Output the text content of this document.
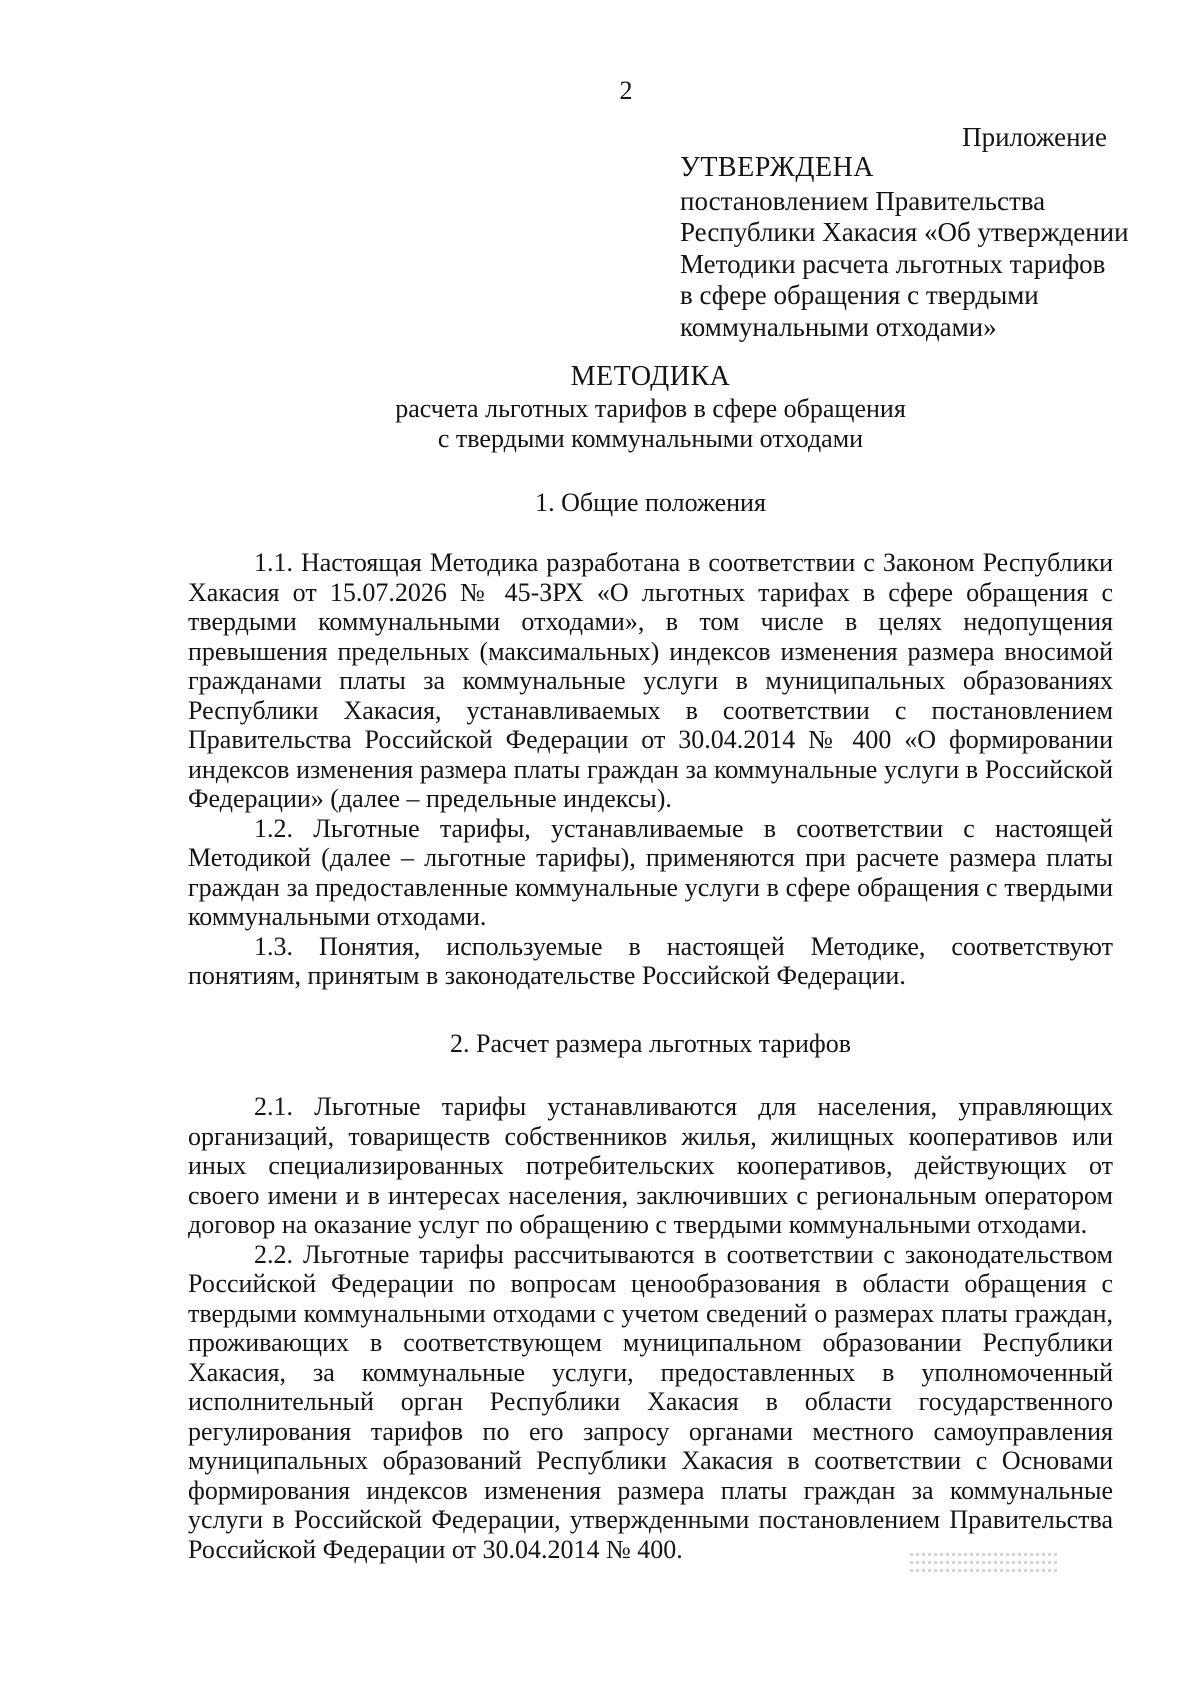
2
Приложение
УТВЕРЖДЕНА
постановлением Правительства
Республики Хакасия «Об утверждении
Методики расчета льготных тарифов
в сфере обращения с твердыми
коммунальными отходами»
МЕТОДИКА
расчета льготных тарифов в сфере обращения
с твердыми коммунальными отходами
1. Общие положения

1.1. Настоящая Методика разработана в соответствии с Законом Республики Хакасия от 15.07.2026 № 45-ЗРХ «О льготных тарифах в сфере обращения с твердыми коммунальными отходами», в том числе в целях недопущения превышения предельных (максимальных) индексов изменения размера вносимой гражданами платы за коммунальные услуги в муниципальных образованиях Республики Хакасия, устанавливаемых в соответствии с постановлением Правительства Российской Федерации от 30.04.2014 № 400 «О формировании индексов изменения размера платы граждан за коммунальные услуги в Российской Федерации» (далее – предельные индексы).

1.2. Льготные тарифы, устанавливаемые в соответствии с настоящей Методикой (далее – льготные тарифы), применяются при расчете размера платы граждан за предоставленные коммунальные услуги в сфере обращения с твердыми коммунальными отходами.

1.3. Понятия, используемые в настоящей Методике, соответствуют понятиям, принятым в законодательстве Российской Федерации.

2. Расчет размера льготных тарифов

2.1. Льготные тарифы устанавливаются для населения, управляющих организаций, товариществ собственников жилья, жилищных кооперативов или иных специализированных потребительских кооперативов, действующих от своего имени и в интересах населения, заключивших с региональным оператором договор на оказание услуг по обращению с твердыми коммунальными отходами.

2.2. Льготные тарифы рассчитываются в соответствии с законодательством Российской Федерации по вопросам ценообразования в области обращения с твердыми коммунальными отходами с учетом сведений о размерах платы граждан, проживающих в соответствующем муниципальном образовании Республики Хакасия, за коммунальные услуги, предоставленных в уполномоченный исполнительный орган Республики Хакасия в области государственного регулирования тарифов по его запросу органами местного самоуправления муниципальных образований Республики Хакасия в соответствии с Основами формирования индексов изменения размера платы граждан за коммунальные услуги в Российской Федерации, утвержденными постановлением Правительства Российской Федерации от 30.04.2014 № 400.
